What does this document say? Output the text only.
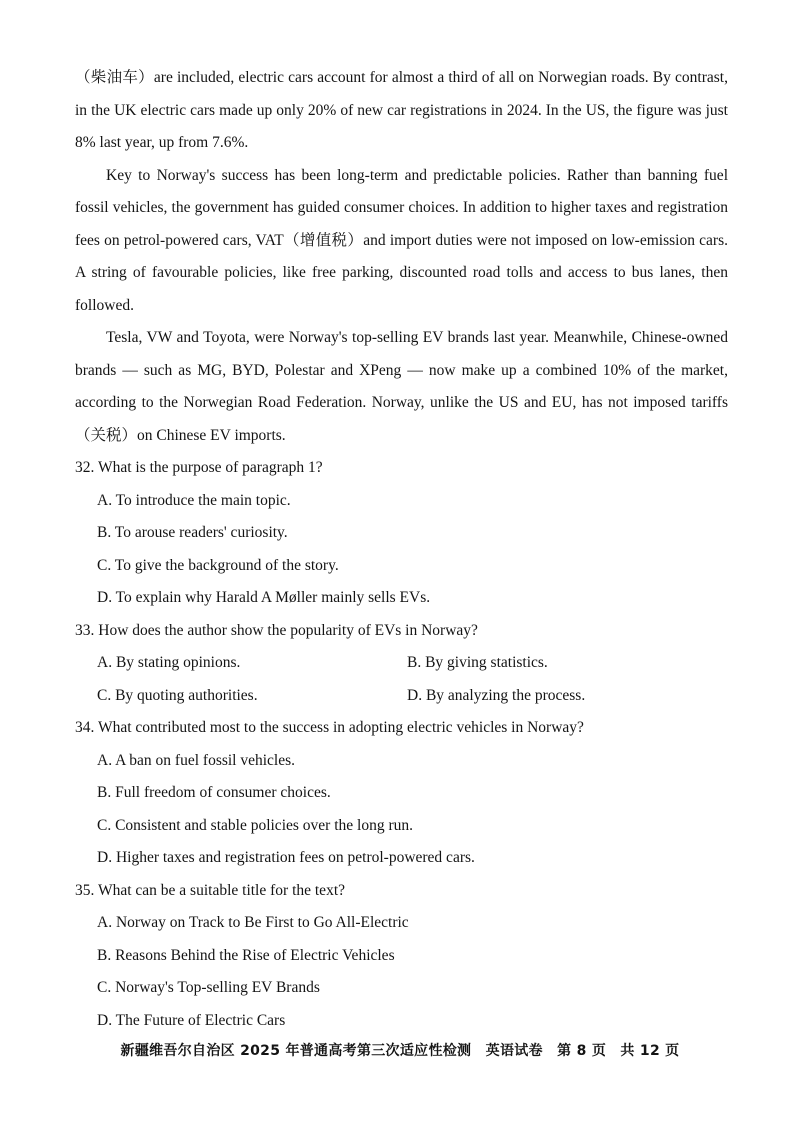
（柴油车）are included, electric cars account for almost a third of all on Norwegian roads. By contrast, in the UK electric cars made up only 20% of new car registrations in 2024. In the US, the figure was just 8% last year, up from 7.6%.

Key to Norway's success has been long-term and predictable policies. Rather than banning fuel fossil vehicles, the government has guided consumer choices. In addition to higher taxes and registration fees on petrol-powered cars, VAT（增值税）and import duties were not imposed on low-emission cars. A string of favourable policies, like free parking, discounted road tolls and access to bus lanes, then followed.

Tesla, VW and Toyota, were Norway's top-selling EV brands last year. Meanwhile, Chinese-owned brands — such as MG, BYD, Polestar and XPeng — now make up a combined 10% of the market, according to the Norwegian Road Federation. Norway, unlike the US and EU, has not imposed tariffs（关税）on Chinese EV imports.

32. What is the purpose of paragraph 1?

A. To introduce the main topic.

B. To arouse readers' curiosity.

C. To give the background of the story.

D. To explain why Harald A Møller mainly sells EVs.

33. How does the author show the popularity of EVs in Norway?

A. By stating opinions.	B. By giving statistics.
C. By quoting authorities.	D. By analyzing the process.

34. What contributed most to the success in adopting electric vehicles in Norway?

A. A ban on fuel fossil vehicles.

B. Full freedom of consumer choices.

C. Consistent and stable policies over the long run.

D. Higher taxes and registration fees on petrol-powered cars.

35. What can be a suitable title for the text?

A. Norway on Track to Be First to Go All-Electric

B. Reasons Behind the Rise of Electric Vehicles

C. Norway's Top-selling EV Brands

D. The Future of Electric Cars

新疆维吾尔自治区 2025 年普通高考第三次适应性检测　英语试卷　第 8 页　共 12 页
